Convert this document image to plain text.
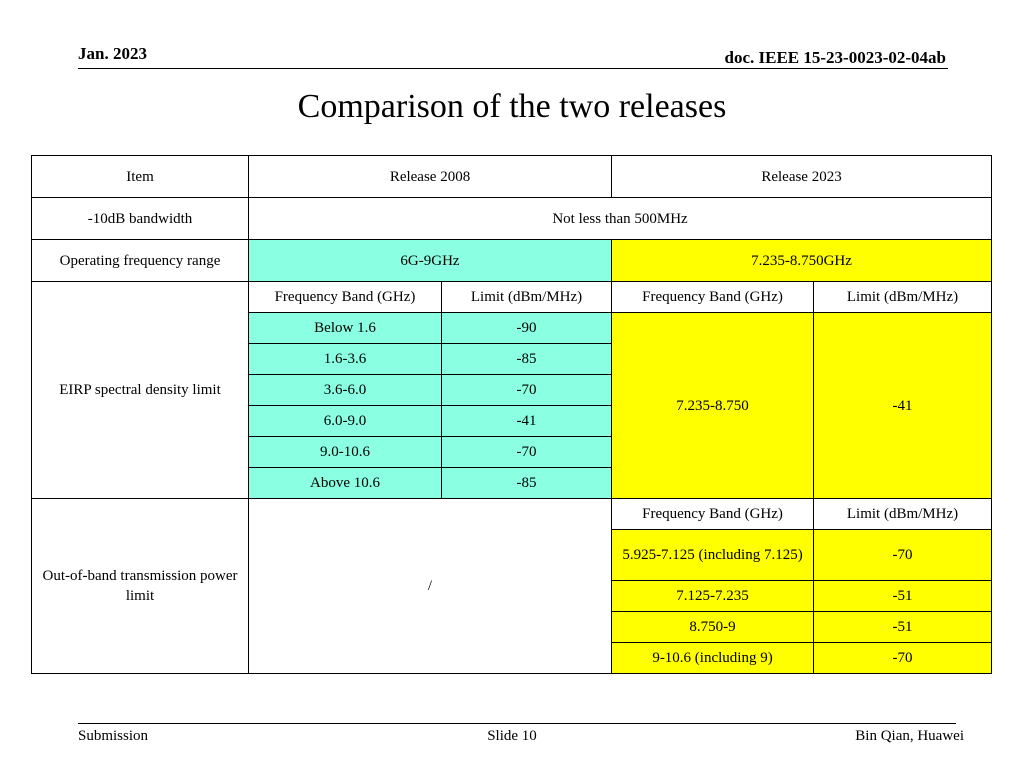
Jan. 2023	doc. IEEE 15-23-0023-02-04ab
Comparison of the two releases
Item	Release 2008		Release 2023	
-10dB bandwidth	Not less than 500MHz			
Operating frequency range	6G-9GHz		7.235-8.750GHz	
EIRP spectral density limit	Frequency Band (GHz)	Limit (dBm/MHz)	Frequency Band (GHz)	Limit (dBm/MHz)
	Below 1.6	-90	7.235-8.750	-41
	1.6-3.6	-85		
	3.6-6.0	-70		
	6.0-9.0	-41		
	9.0-10.6	-70		
	Above 10.6	-85		
Out-of-band transmission power limit	/		Frequency Band (GHz)	Limit (dBm/MHz)
			5.925-7.125 (including 7.125)	-70
			7.125-7.235	-51
			8.750-9	-51
			9-10.6 (including 9)	-70
Submission	Slide 10	Bin Qian, Huawei
